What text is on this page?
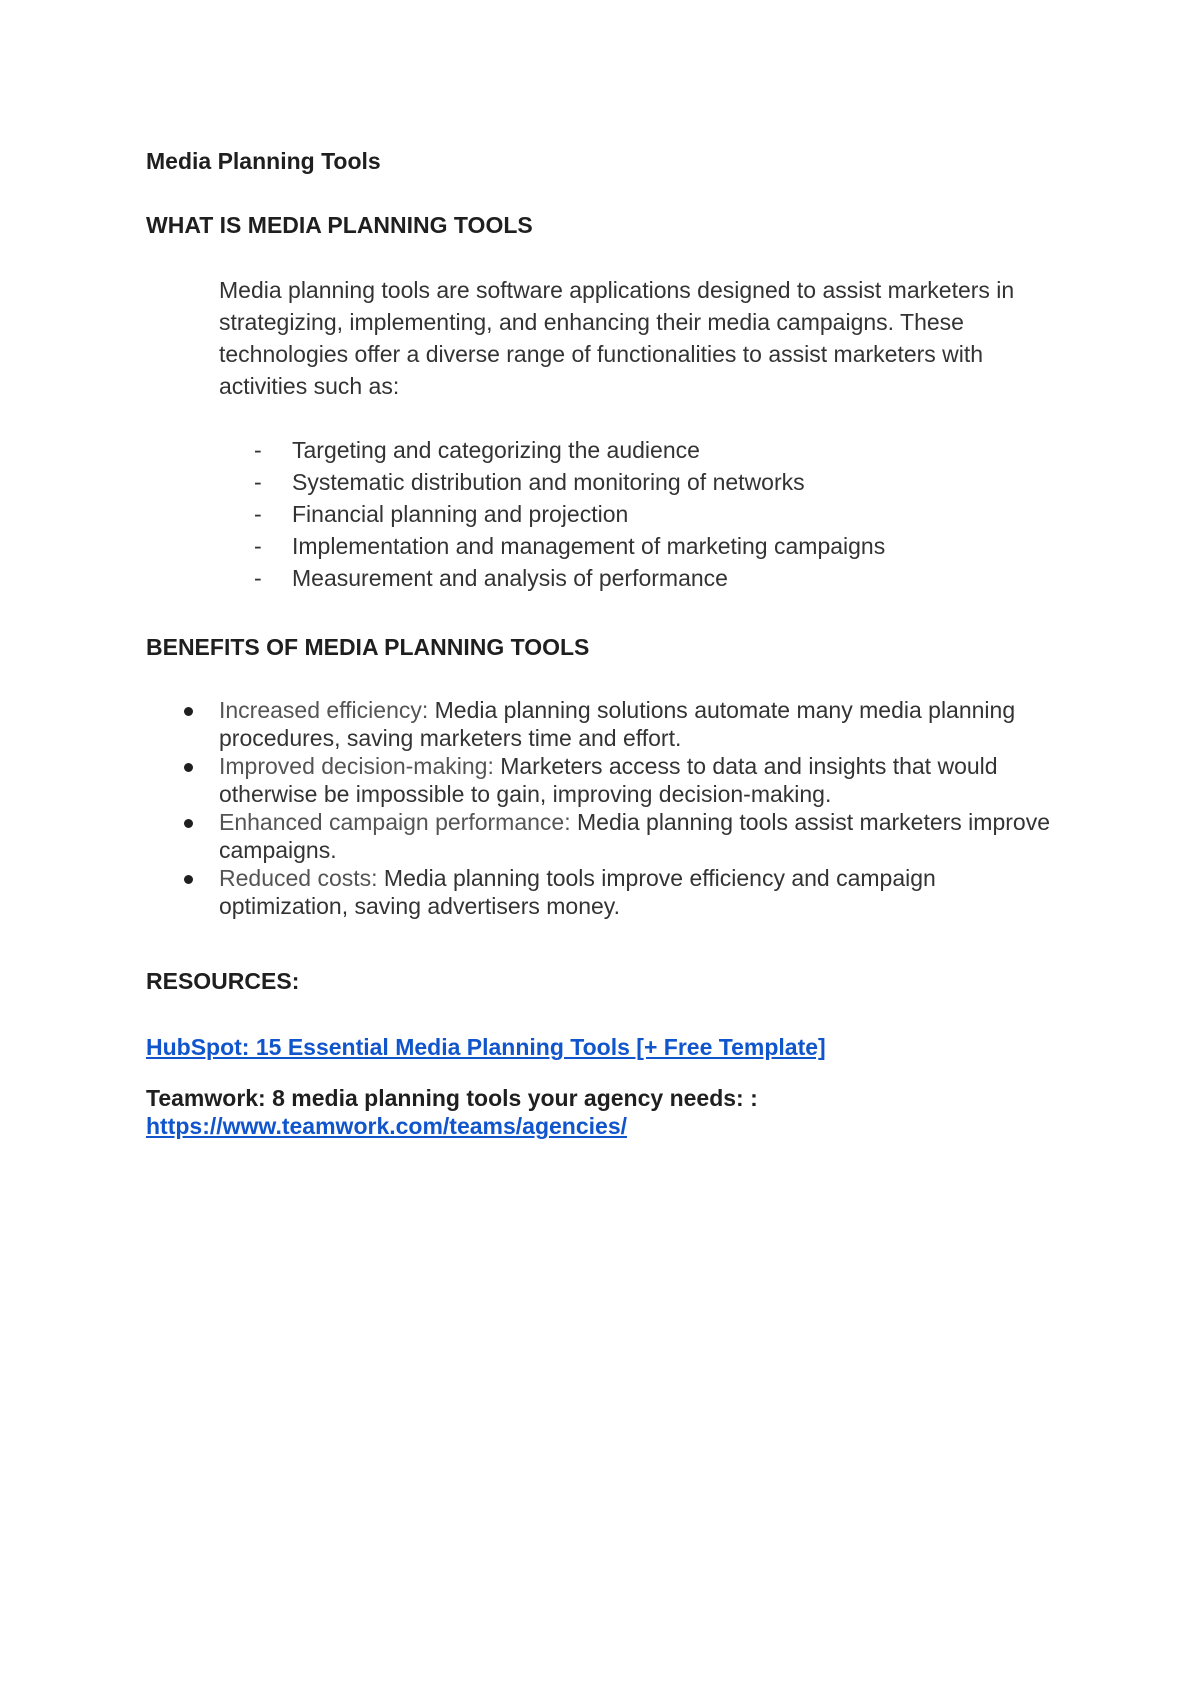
Media Planning Tools

WHAT IS MEDIA PLANNING TOOLS

Media planning tools are software applications designed to assist marketers in strategizing, implementing, and enhancing their media campaigns. These technologies offer a diverse range of functionalities to assist marketers with activities such as:

- Targeting and categorizing the audience
- Systematic distribution and monitoring of networks
- Financial planning and projection
- Implementation and management of marketing campaigns
- Measurement and analysis of performance

BENEFITS OF MEDIA PLANNING TOOLS

Increased efficiency: Media planning solutions automate many media planning procedures, saving marketers time and effort.
Improved decision-making: Marketers access to data and insights that would otherwise be impossible to gain, improving decision-making.
Enhanced campaign performance: Media planning tools assist marketers improve campaigns.
Reduced costs: Media planning tools improve efficiency and campaign optimization, saving advertisers money.

RESOURCES:

HubSpot: 15 Essential Media Planning Tools [+ Free Template]
Teamwork: 8 media planning tools your agency needs: :
https://www.teamwork.com/teams/agencies/
